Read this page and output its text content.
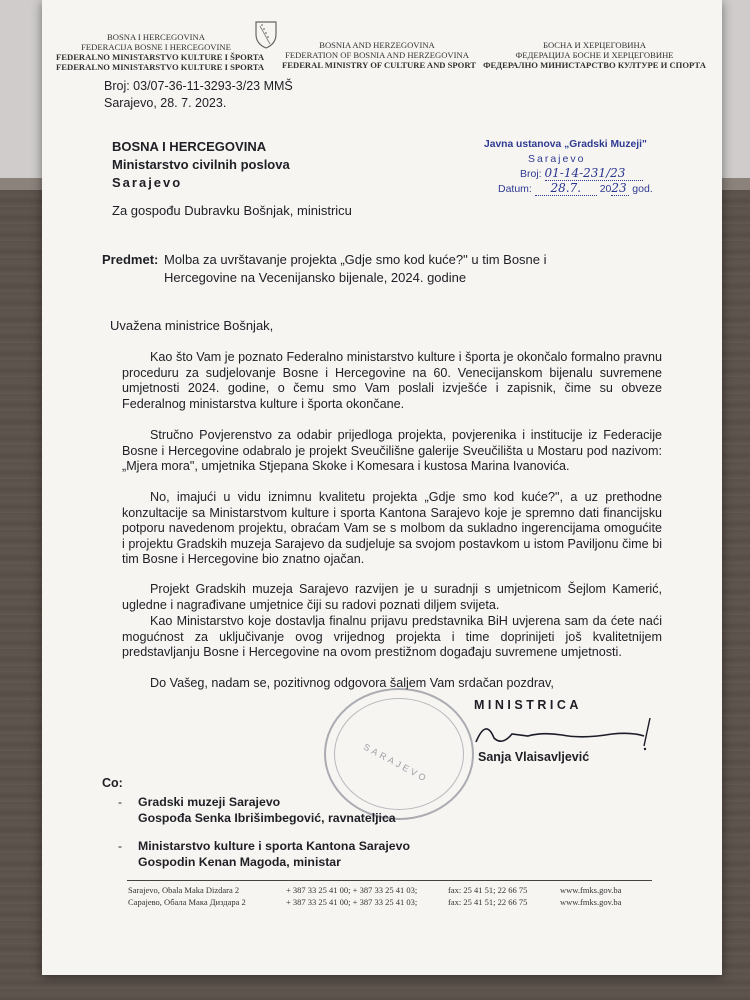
BOSNA I HERCEGOVINA
FEDERACIJA BOSNE I HERCEGOVINE
FEDERALNO MINISTARSTVO KULTURE I ŠPORTA
FEDERALNO MINISTARSTVO KULTURE I SPORTA
BOSNIA AND HERZEGOVINA
FEDERATION OF BOSNIA AND HERZEGOVINA
FEDERAL MINISTRY OF CULTURE AND SPORT
БОСНА И ХЕРЦЕГОВИНА
ФЕДЕРАЦИЈА БОСНЕ И ХЕРЦЕГОВИНЕ
ФЕДЕРАЛНО МИНИСТАРСТВО КУЛТУРЕ И СПОРТА
Broj: 03/07-36-11-3293-3/23 MMŠ
Sarajevo, 28. 7. 2023.
BOSNA I HERCEGOVINA
Ministarstvo civilnih poslova
Sarajevo
Javna ustanova „Gradski Muzeji"
Sarajevo
Broj: 01-14-231/23
Datum: 28.7. 2023 god.
Za gospođu Dubravku Bošnjak, ministricu
Predmet: Molba za uvrštavanje projekta „Gdje smo kod kuće?" u tim Bosne i
Hercegovine na Vecenijansko bijenale, 2024. godine
Uvažena ministrice Bošnjak,
Kao što Vam je poznato Federalno ministarstvo kulture i športa je okončalo formalno pravnu proceduru za sudjelovanje Bosne i Hercegovine na 60. Venecijanskom bijenalu suvremene umjetnosti 2024. godine, o čemu smo Vam poslali izvješće i zapisnik, čime su obveze Federalnog ministarstva kulture i športa okončane.
Stručno Povjerenstvo za odabir prijedloga projekta, povjerenika i institucije iz Federacije Bosne i Hercegovine odabralo je projekt Sveučilišne galerije Sveučilišta u Mostaru pod nazivom: „Mjera mora", umjetnika Stjepana Skoke i Komesara i kustosa Marina Ivanovića.
No, imajući u vidu iznimnu kvalitetu projekta „Gdje smo kod kuće?", a uz prethodne konzultacije sa Ministarstvom kulture i sporta Kantona Sarajevo koje je spremno dati financijsku potporu navedenom projektu, obraćam Vam se s molbom da sukladno ingerencijama omogućite i projektu Gradskih muzeja Sarajevo da sudjeluje sa svojom postavkom u istom Paviljonu čime bi tim Bosne i Hercegovine bio znatno ojačan.
Projekt Gradskih muzeja Sarajevo razvijen je u suradnji s umjetnicom Šejlom Kamerić, ugledne i nagrađivane umjetnice čiji su radovi poznati diljem svijeta.
Kao Ministarstvo koje dostavlja finalnu prijavu predstavnika BiH uvjerena sam da ćete naći mogućnost za uključivanje ovog vrijednog projekta i time doprinijeti još kvalitetnijem predstavljanju Bosne i Hercegovine na ovom prestižnom događaju suvremene umjetnosti.
Do Vašeg, nadam se, pozitivnog odgovora šaljem Vam srdačan pozdrav,
SARAJEVO
MINISTRICA
Sanja Vlaisavljević
Co:
- Gradski muzeji Sarajevo
Gospođa Senka Ibrišimbegović, ravnateljica
- Ministarstvo kulture i sporta Kantona Sarajevo
Gospodin Kenan Magoda, ministar
Sarajevo, Obala Maka Dizdara 2
Сарајево, Обала Мака Диздара 2
+ 387 33 25 41 00; + 387 33 25 41 03;
+ 387 33 25 41 00; + 387 33 25 41 03;
fax: 25 41 51; 22 66 75
fax: 25 41 51; 22 66 75
www.fmks.gov.ba
www.fmks.gov.ba
